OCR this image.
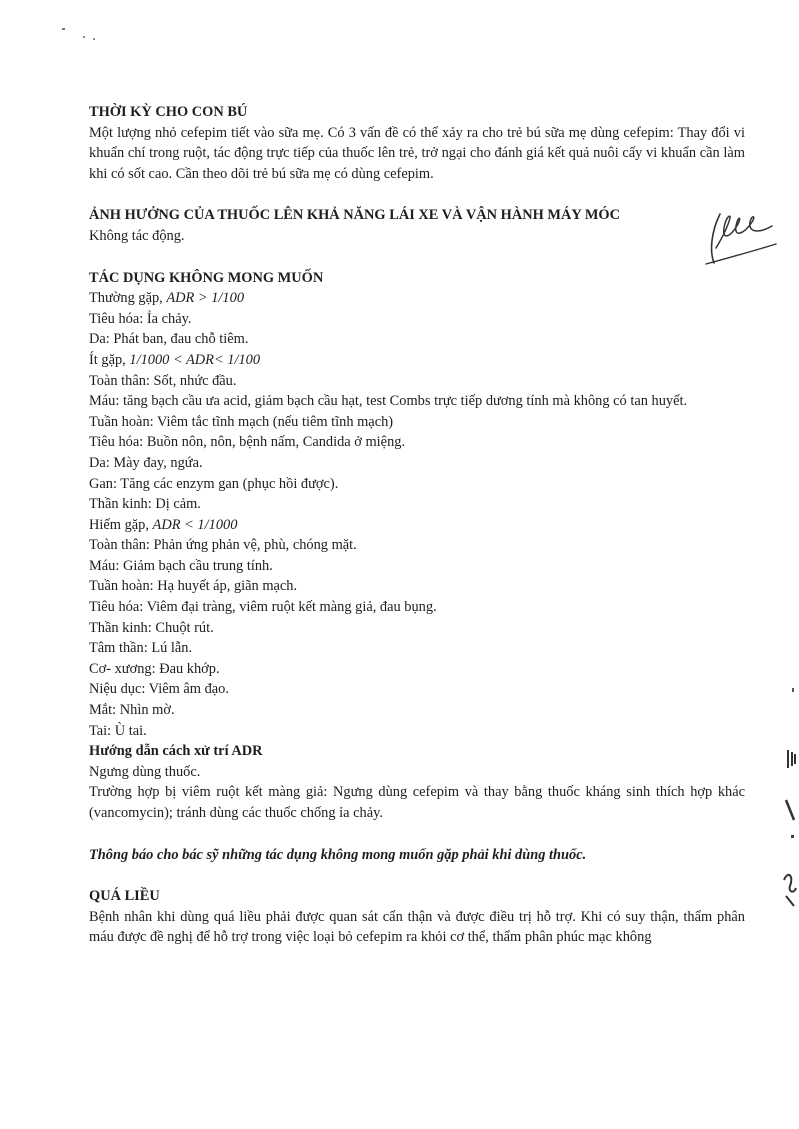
THỜI KỲ CHO CON BÚ

Một lượng nhỏ cefepim tiết vào sữa mẹ. Có 3 vấn đề có thể xảy ra cho trẻ bú sữa mẹ dùng cefepim: Thay đổi vi khuẩn chí trong ruột, tác động trực tiếp của thuốc lên trẻ, trở ngại cho đánh giá kết quả nuôi cấy vi khuẩn cần làm khi có sốt cao. Cần theo dõi trẻ bú sữa mẹ có dùng cefepim.

ẢNH HƯỞNG CỦA THUỐC LÊN KHẢ NĂNG LÁI XE VÀ VẬN HÀNH MÁY MÓC

Không tác động.

TÁC DỤNG KHÔNG MONG MUỐN

Thường gặp, ADR > 1/100

Tiêu hóa: Ỉa chảy.

Da: Phát ban, đau chỗ tiêm.

Ít gặp, 1/1000 < ADR< 1/100

Toàn thân: Sốt, nhức đầu.

Máu: tăng bạch cầu ưa acid, giảm bạch cầu hạt, test Combs trực tiếp dương tính mà không có tan huyết.

Tuần hoàn: Viêm tắc tĩnh mạch (nếu tiêm tĩnh mạch)

Tiêu hóa: Buồn nôn, nôn, bệnh nấm, Candida ở miệng.

Da: Mày đay, ngứa.

Gan: Tăng các enzym gan (phục hồi được).

Thần kinh: Dị cảm.

Hiếm gặp, ADR < 1/1000

Toàn thân: Phản ứng phản vệ, phù, chóng mặt.

Máu: Giảm bạch cầu trung tính.

Tuần hoàn: Hạ huyết áp, giãn mạch.

Tiêu hóa: Viêm đại tràng, viêm ruột kết màng giả, đau bụng.

Thần kinh: Chuột rút.

Tâm thần: Lú lẫn.

Cơ- xương: Đau khớp.

Niệu dục: Viêm âm đạo.

Mắt: Nhìn mờ.

Tai: Ù tai.

Hướng dẫn cách xử trí ADR

Ngưng dùng thuốc.

Trường hợp bị viêm ruột kết màng giả: Ngưng dùng cefepim và thay bằng thuốc kháng sinh thích hợp khác (vancomycin); tránh dùng các thuốc chống ỉa chảy.

Thông báo cho bác sỹ những tác dụng không mong muốn gặp phải khi dùng thuốc.

QUÁ LIỀU

Bệnh nhân khi dùng quá liều phải được quan sát cẩn thận và được điều trị hỗ trợ. Khi có suy thận, thẩm phân máu được đề nghị để hỗ trợ trong việc loại bỏ cefepim ra khỏi cơ thể, thẩm phân phúc mạc không
